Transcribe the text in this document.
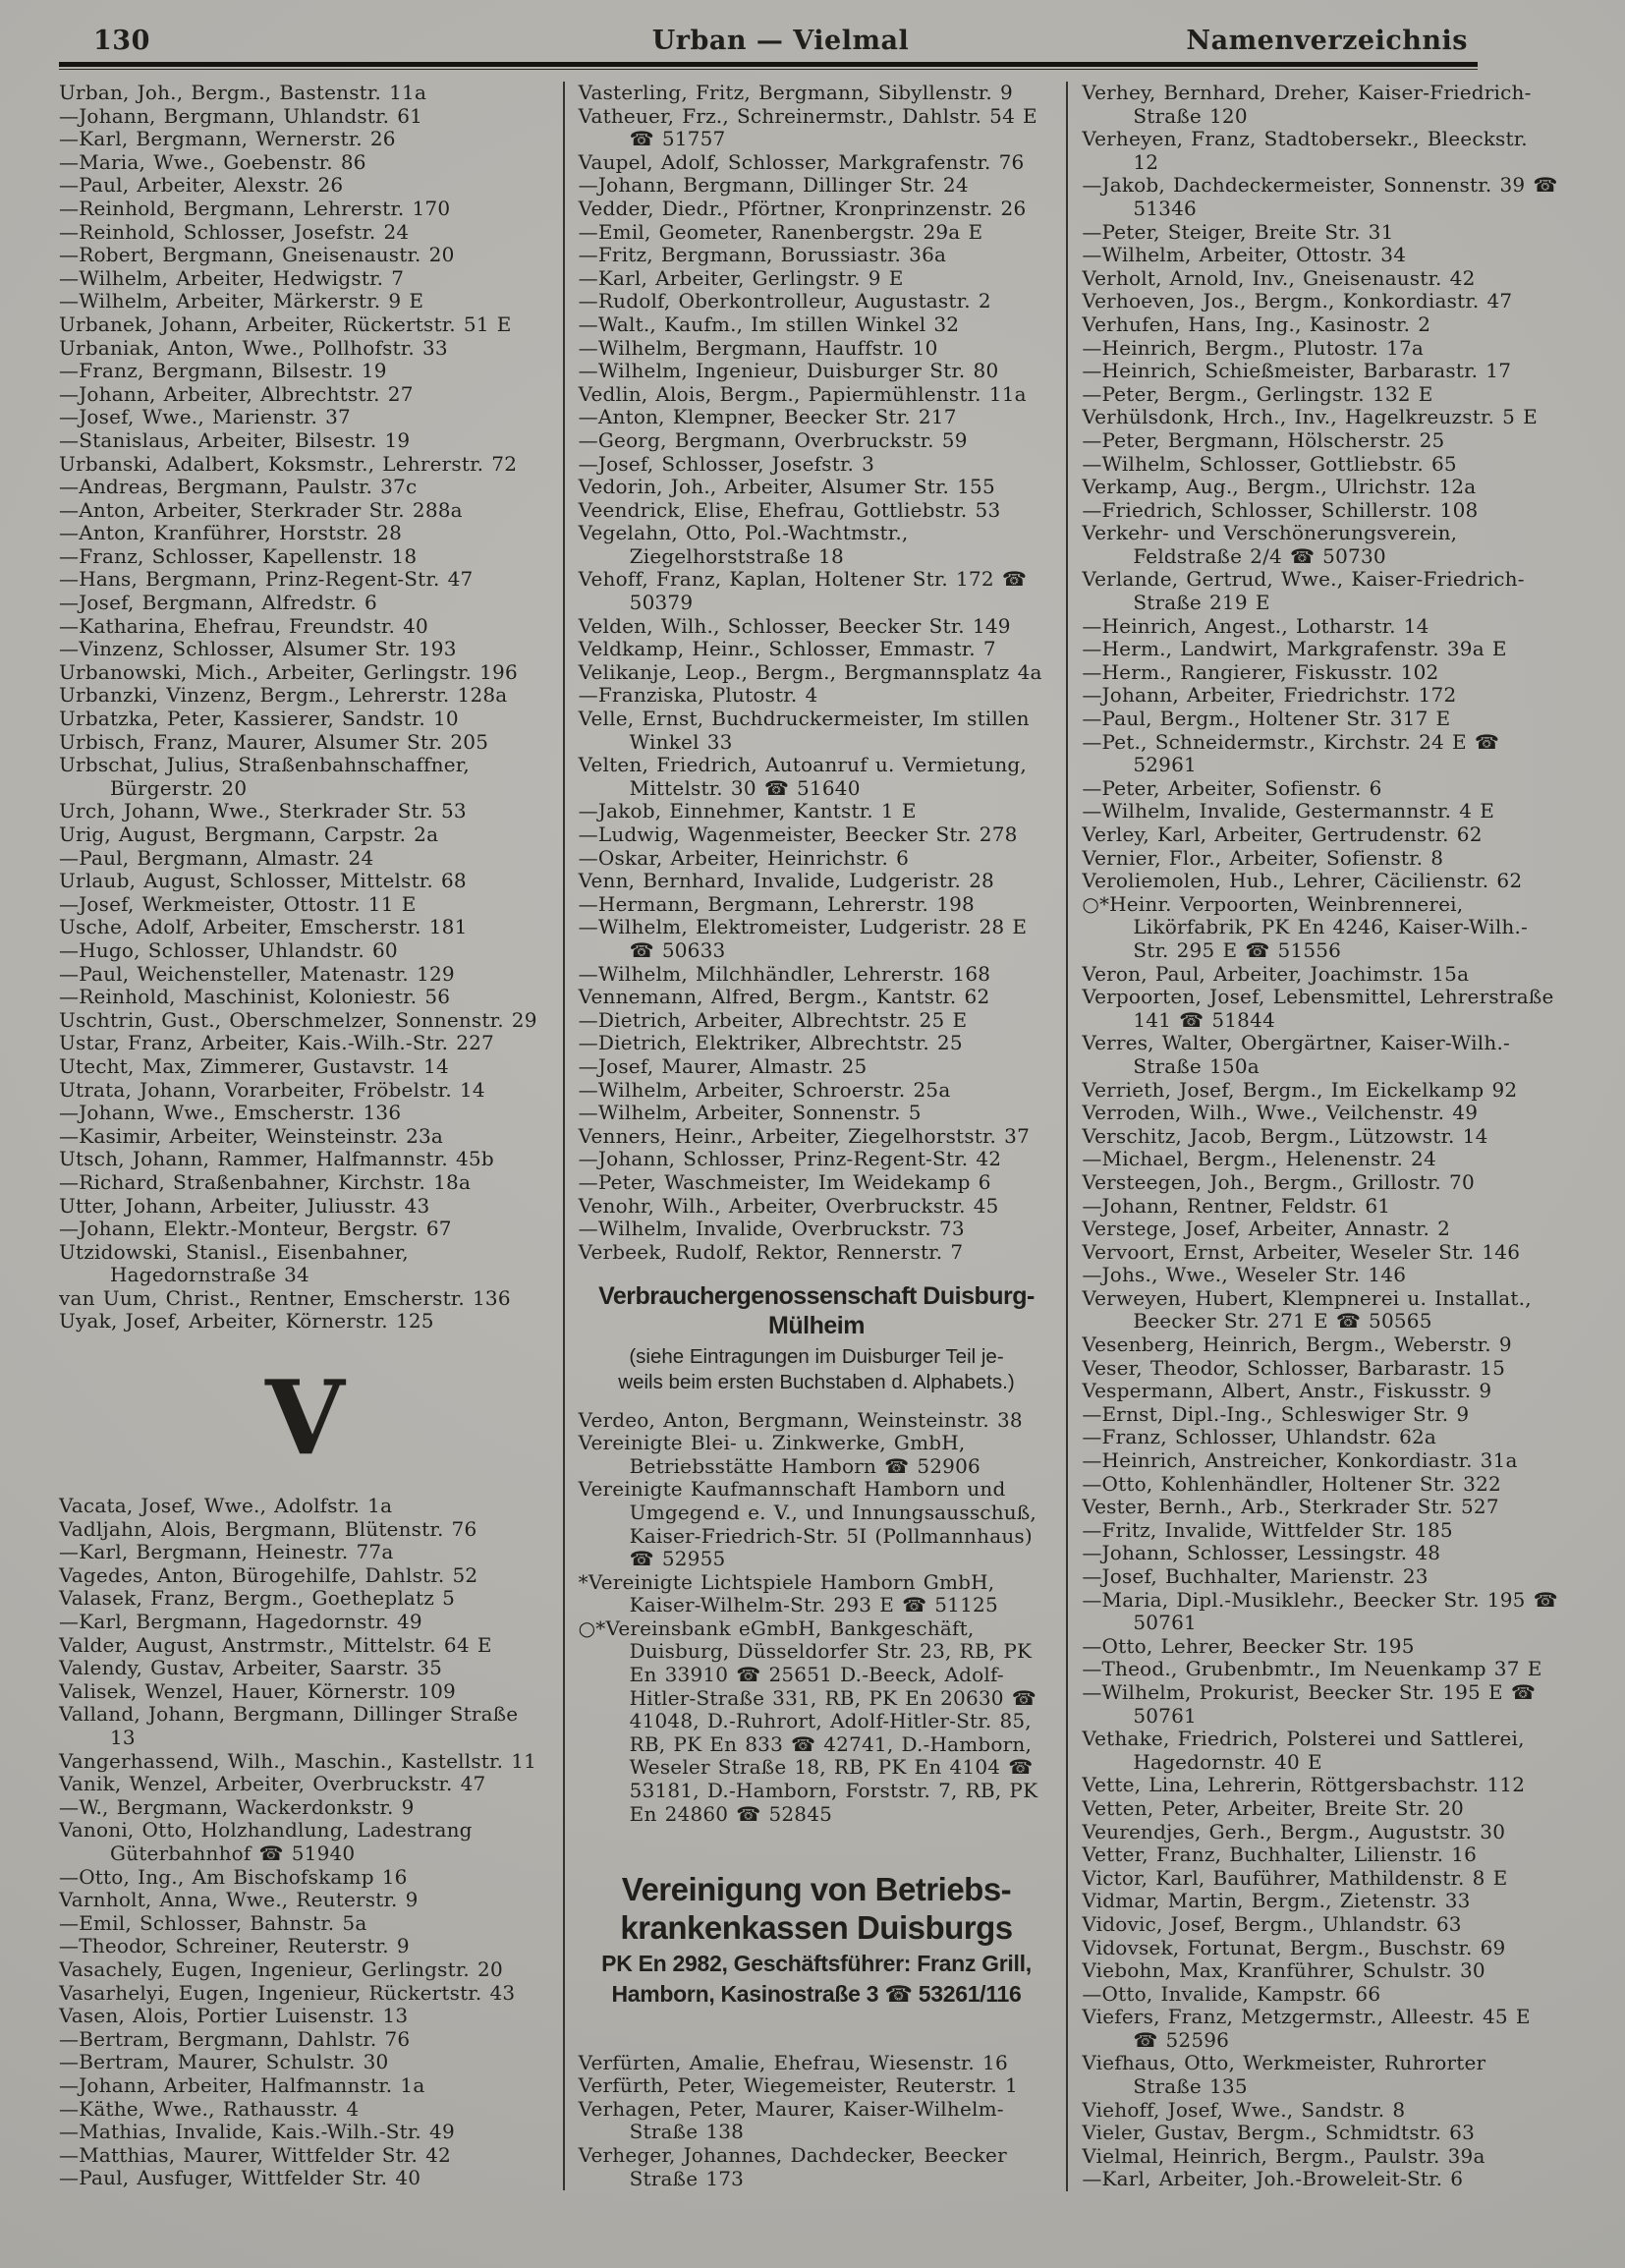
130	Urban — Vielmal	Namenverzeichnis
Urban, Joh., Bergm., Bastenstr. 11a
—Johann, Bergmann, Uhlandstr. 61
—Karl, Bergmann, Wernerstr. 26
—Maria, Wwe., Goebenstr. 86
—Paul, Arbeiter, Alexstr. 26
—Reinhold, Bergmann, Lehrerstr. 170
—Reinhold, Schlosser, Josefstr. 24
—Robert, Bergmann, Gneisenaustr. 20
—Wilhelm, Arbeiter, Hedwigstr. 7
—Wilhelm, Arbeiter, Märkerstr. 9 E
Urbanek, Johann, Arbeiter, Rückertstr. 51 E
Urbaniak, Anton, Wwe., Pollhofstr. 33
—Franz, Bergmann, Bilsestr. 19
—Johann, Arbeiter, Albrechtstr. 27
—Josef, Wwe., Marienstr. 37
—Stanislaus, Arbeiter, Bilsestr. 19
Urbanski, Adalbert, Koksmstr., Lehrerstr. 72
—Andreas, Bergmann, Paulstr. 37c
—Anton, Arbeiter, Sterkrader Str. 288a
—Anton, Kranführer, Horststr. 28
—Franz, Schlosser, Kapellenstr. 18
—Hans, Bergmann, Prinz-Regent-Str. 47
—Josef, Bergmann, Alfredstr. 6
—Katharina, Ehefrau, Freundstr. 40
—Vinzenz, Schlosser, Alsumer Str. 193
Urbanowski, Mich., Arbeiter, Gerlingstr. 196
Urbanzki, Vinzenz, Bergm., Lehrerstr. 128a
Urbatzka, Peter, Kassierer, Sandstr. 10
Urbisch, Franz, Maurer, Alsumer Str. 205
Urbschat, Julius, Straßenbahnschaffner, Bürgerstr. 20
Urch, Johann, Wwe., Sterkrader Str. 53
Urig, August, Bergmann, Carpstr. 2a
—Paul, Bergmann, Almastr. 24
Urlaub, August, Schlosser, Mittelstr. 68
—Josef, Werkmeister, Ottostr. 11 E
Usche, Adolf, Arbeiter, Emscherstr. 181
—Hugo, Schlosser, Uhlandstr. 60
—Paul, Weichensteller, Matenastr. 129
—Reinhold, Maschinist, Koloniestr. 56
Uschtrin, Gust., Oberschmelzer, Sonnenstr. 29
Ustar, Franz, Arbeiter, Kais.-Wilh.-Str. 227
Utecht, Max, Zimmerer, Gustavstr. 14
Utrata, Johann, Vorarbeiter, Fröbelstr. 14
—Johann, Wwe., Emscherstr. 136
—Kasimir, Arbeiter, Weinsteinstr. 23a
Utsch, Johann, Rammer, Halfmannstr. 45b
—Richard, Straßenbahner, Kirchstr. 18a
Utter, Johann, Arbeiter, Juliusstr. 43
—Johann, Elektr.-Monteur, Bergstr. 67
Utzidowski, Stanisl., Eisenbahner, Hagedornstraße 34
van Uum, Christ., Rentner, Emscherstr. 136
Uyak, Josef, Arbeiter, Körnerstr. 125
V
Vacata, Josef, Wwe., Adolfstr. 1a
Vadljahn, Alois, Bergmann, Blütenstr. 76
—Karl, Bergmann, Heinestr. 77a
Vagedes, Anton, Bürogehilfe, Dahlstr. 52
Valasek, Franz, Bergm., Goetheplatz 5
—Karl, Bergmann, Hagedornstr. 49
Valder, August, Anstrmstr., Mittelstr. 64 E
Valendy, Gustav, Arbeiter, Saarstr. 35
Valisek, Wenzel, Hauer, Körnerstr. 109
Valland, Johann, Bergmann, Dillinger Straße 13
Vangerhassend, Wilh., Maschin., Kastellstr. 11
Vanik, Wenzel, Arbeiter, Overbruckstr. 47
—W., Bergmann, Wackerdonkstr. 9
Vanoni, Otto, Holzhandlung, Ladestrang Güterbahnhof ☎ 51940
—Otto, Ing., Am Bischofskamp 16
Varnholt, Anna, Wwe., Reuterstr. 9
—Emil, Schlosser, Bahnstr. 5a
—Theodor, Schreiner, Reuterstr. 9
Vasachely, Eugen, Ingenieur, Gerlingstr. 20
Vasarhelyi, Eugen, Ingenieur, Rückertstr. 43
Vasen, Alois, Portier Luisenstr. 13
—Bertram, Bergmann, Dahlstr. 76
—Bertram, Maurer, Schulstr. 30
—Johann, Arbeiter, Halfmannstr. 1a
—Käthe, Wwe., Rathausstr. 4
—Mathias, Invalide, Kais.-Wilh.-Str. 49
—Matthias, Maurer, Wittfelder Str. 42
—Paul, Ausfuger, Wittfelder Str. 40
Vasterling, Fritz, Bergmann, Sibyllenstr. 9
Vatheuer, Frz., Schreinermstr., Dahlstr. 54 E ☎ 51757
Vaupel, Adolf, Schlosser, Markgrafenstr. 76
—Johann, Bergmann, Dillinger Str. 24
Vedder, Diedr., Pförtner, Kronprinzenstr. 26
—Emil, Geometer, Ranenbergstr. 29a E
—Fritz, Bergmann, Borussiastr. 36a
—Karl, Arbeiter, Gerlingstr. 9 E
—Rudolf, Oberkontrolleur, Augustastr. 2
—Walt., Kaufm., Im stillen Winkel 32
—Wilhelm, Bergmann, Hauffstr. 10
—Wilhelm, Ingenieur, Duisburger Str. 80
Vedlin, Alois, Bergm., Papiermühlenstr. 11a
—Anton, Klempner, Beecker Str. 217
—Georg, Bergmann, Overbruckstr. 59
—Josef, Schlosser, Josefstr. 3
Vedorin, Joh., Arbeiter, Alsumer Str. 155
Veendrick, Elise, Ehefrau, Gottliebstr. 53
Vegelahn, Otto, Pol.-Wachtmstr., Ziegelhorststraße 18
Vehoff, Franz, Kaplan, Holtener Str. 172 ☎ 50379
Velden, Wilh., Schlosser, Beecker Str. 149
Veldkamp, Heinr., Schlosser, Emmastr. 7
Velikanje, Leop., Bergm., Bergmannsplatz 4a
—Franziska, Plutostr. 4
Velle, Ernst, Buchdruckermeister, Im stillen Winkel 33
Velten, Friedrich, Autoanruf u. Vermietung, Mittelstr. 30 ☎ 51640
—Jakob, Einnehmer, Kantstr. 1 E
—Ludwig, Wagenmeister, Beecker Str. 278
—Oskar, Arbeiter, Heinrichstr. 6
Venn, Bernhard, Invalide, Ludgeristr. 28
—Hermann, Bergmann, Lehrerstr. 198
—Wilhelm, Elektromeister, Ludgeristr. 28 E ☎ 50633
—Wilhelm, Milchhändler, Lehrerstr. 168
Vennemann, Alfred, Bergm., Kantstr. 62
—Dietrich, Arbeiter, Albrechtstr. 25 E
—Dietrich, Elektriker, Albrechtstr. 25
—Josef, Maurer, Almastr. 25
—Wilhelm, Arbeiter, Schroerstr. 25a
—Wilhelm, Arbeiter, Sonnenstr. 5
Venners, Heinr., Arbeiter, Ziegelhorststr. 37
—Johann, Schlosser, Prinz-Regent-Str. 42
—Peter, Waschmeister, Im Weidekamp 6
Venohr, Wilh., Arbeiter, Overbruckstr. 45
—Wilhelm, Invalide, Overbruckstr. 73
Verbeek, Rudolf, Rektor, Rennerstr. 7
Verbrauchergenossenschaft Duisburg-Mülheim
(siehe Eintragungen im Duisburger Teil je-
weils beim ersten Buchstaben d. Alphabets.)
Verdeo, Anton, Bergmann, Weinsteinstr. 38
Vereinigte Blei- u. Zinkwerke, GmbH, Betriebsstätte Hamborn ☎ 52906
Vereinigte Kaufmannschaft Hamborn und Umgegend e. V., und Innungsausschuß, Kaiser-Friedrich-Str. 5I (Pollmannhaus) ☎ 52955
*Vereinigte Lichtspiele Hamborn GmbH, Kaiser-Wilhelm-Str. 293 E ☎ 51125
○*Vereinsbank eGmbH, Bankgeschäft, Duisburg, Düsseldorfer Str. 23, RB, PK En 33910 ☎ 25651 D.-Beeck, Adolf-Hitler-Straße 331, RB, PK En 20630 ☎ 41048, D.-Ruhrort, Adolf-Hitler-Str. 85, RB, PK En 833 ☎ 42741, D.-Hamborn, Weseler Straße 18, RB, PK En 4104 ☎ 53181, D.-Hamborn, Forststr. 7, RB, PK En 24860 ☎ 52845
Vereinigung von Betriebs-
krankenkassen Duisburgs
PK En 2982, Geschäftsführer: Franz Grill,
Hamborn, Kasinostraße 3 ☎ 53261/116
Verfürten, Amalie, Ehefrau, Wiesenstr. 16
Verfürth, Peter, Wiegemeister, Reuterstr. 1
Verhagen, Peter, Maurer, Kaiser-Wilhelm-Straße 138
Verheger, Johannes, Dachdecker, Beecker Straße 173
Verhey, Bernhard, Dreher, Kaiser-Friedrich-Straße 120
Verheyen, Franz, Stadtobersekr., Bleeckstr. 12
—Jakob, Dachdeckermeister, Sonnenstr. 39 ☎ 51346
—Peter, Steiger, Breite Str. 31
—Wilhelm, Arbeiter, Ottostr. 34
Verholt, Arnold, Inv., Gneisenaustr. 42
Verhoeven, Jos., Bergm., Konkordiastr. 47
Verhufen, Hans, Ing., Kasinostr. 2
—Heinrich, Bergm., Plutostr. 17a
—Heinrich, Schießmeister, Barbarastr. 17
—Peter, Bergm., Gerlingstr. 132 E
Verhülsdonk, Hrch., Inv., Hagelkreuzstr. 5 E
—Peter, Bergmann, Hölscherstr. 25
—Wilhelm, Schlosser, Gottliebstr. 65
Verkamp, Aug., Bergm., Ulrichstr. 12a
—Friedrich, Schlosser, Schillerstr. 108
Verkehr- und Verschönerungsverein, Feldstraße 2/4 ☎ 50730
Verlande, Gertrud, Wwe., Kaiser-Friedrich-Straße 219 E
—Heinrich, Angest., Lotharstr. 14
—Herm., Landwirt, Markgrafenstr. 39a E
—Herm., Rangierer, Fiskusstr. 102
—Johann, Arbeiter, Friedrichstr. 172
—Paul, Bergm., Holtener Str. 317 E
—Pet., Schneidermstr., Kirchstr. 24 E ☎ 52961
—Peter, Arbeiter, Sofienstr. 6
—Wilhelm, Invalide, Gestermannstr. 4 E
Verley, Karl, Arbeiter, Gertrudenstr. 62
Vernier, Flor., Arbeiter, Sofienstr. 8
Veroliemolen, Hub., Lehrer, Cäcilienstr. 62
○*Heinr. Verpoorten, Weinbrennerei, Likörfabrik, PK En 4246, Kaiser-Wilh.-Str. 295 E ☎ 51556
Veron, Paul, Arbeiter, Joachimstr. 15a
Verpoorten, Josef, Lebensmittel, Lehrerstraße 141 ☎ 51844
Verres, Walter, Obergärtner, Kaiser-Wilh.-Straße 150a
Verrieth, Josef, Bergm., Im Eickelkamp 92
Verroden, Wilh., Wwe., Veilchenstr. 49
Verschitz, Jacob, Bergm., Lützowstr. 14
—Michael, Bergm., Helenenstr. 24
Versteegen, Joh., Bergm., Grillostr. 70
—Johann, Rentner, Feldstr. 61
Verstege, Josef, Arbeiter, Annastr. 2
Vervoort, Ernst, Arbeiter, Weseler Str. 146
—Johs., Wwe., Weseler Str. 146
Verweyen, Hubert, Klempnerei u. Installat., Beecker Str. 271 E ☎ 50565
Vesenberg, Heinrich, Bergm., Weberstr. 9
Veser, Theodor, Schlosser, Barbarastr. 15
Vespermann, Albert, Anstr., Fiskusstr. 9
—Ernst, Dipl.-Ing., Schleswiger Str. 9
—Franz, Schlosser, Uhlandstr. 62a
—Heinrich, Anstreicher, Konkordiastr. 31a
—Otto, Kohlenhändler, Holtener Str. 322
Vester, Bernh., Arb., Sterkrader Str. 527
—Fritz, Invalide, Wittfelder Str. 185
—Johann, Schlosser, Lessingstr. 48
—Josef, Buchhalter, Marienstr. 23
—Maria, Dipl.-Musiklehr., Beecker Str. 195 ☎ 50761
—Otto, Lehrer, Beecker Str. 195
—Theod., Grubenbmtr., Im Neuenkamp 37 E
—Wilhelm, Prokurist, Beecker Str. 195 E ☎ 50761
Vethake, Friedrich, Polsterei und Sattlerei, Hagedornstr. 40 E
Vette, Lina, Lehrerin, Röttgersbachstr. 112
Vetten, Peter, Arbeiter, Breite Str. 20
Veurendjes, Gerh., Bergm., Auguststr. 30
Vetter, Franz, Buchhalter, Lilienstr. 16
Victor, Karl, Bauführer, Mathildenstr. 8 E
Vidmar, Martin, Bergm., Zietenstr. 33
Vidovic, Josef, Bergm., Uhlandstr. 63
Vidovsek, Fortunat, Bergm., Buschstr. 69
Viebohn, Max, Kranführer, Schulstr. 30
—Otto, Invalide, Kampstr. 66
Viefers, Franz, Metzgermstr., Alleestr. 45 E ☎ 52596
Viefhaus, Otto, Werkmeister, Ruhrorter Straße 135
Viehoff, Josef, Wwe., Sandstr. 8
Vieler, Gustav, Bergm., Schmidtstr. 63
Vielmal, Heinrich, Bergm., Paulstr. 39a
—Karl, Arbeiter, Joh.-Broweleit-Str. 6
